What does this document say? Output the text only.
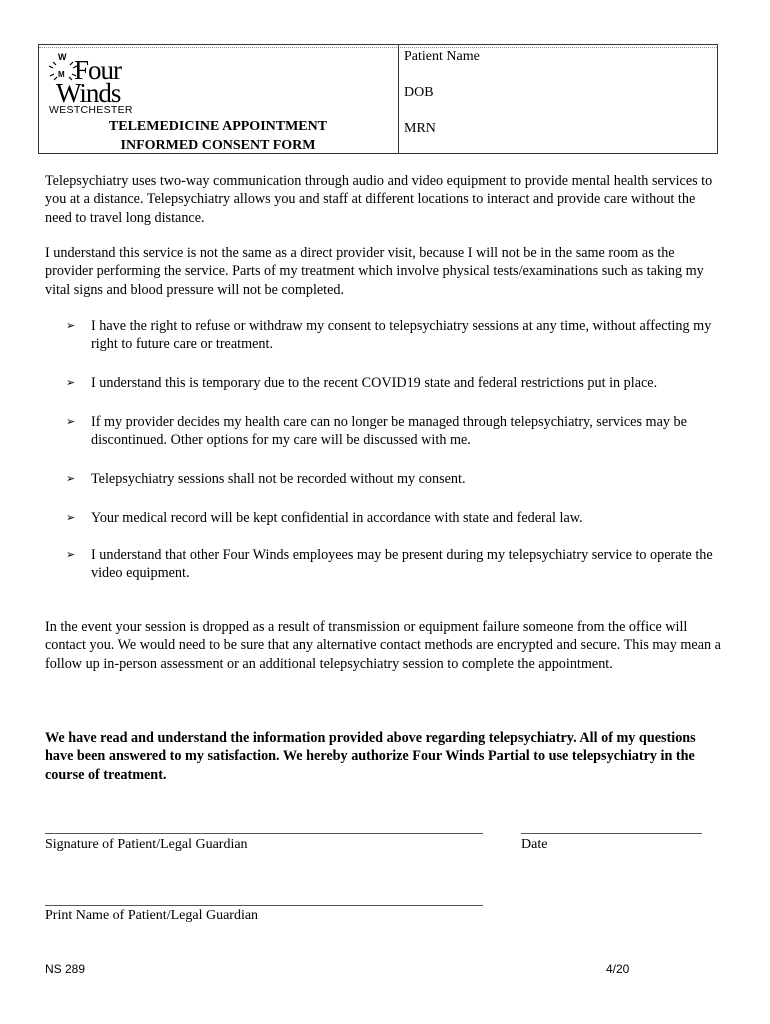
W
M Four
Winds
WESTCHESTER
TELEMEDICINE APPOINTMENT
INFORMED CONSENT FORM
Patient Name
DOB
MRN

Telepsychiatry uses two-way communication through audio and video equipment to provide mental health services to you at a distance. Telepsychiatry allows you and staff at different locations to interact and provide care without the need to travel long distance.

I understand this service is not the same as a direct provider visit, because I will not be in the same room as the provider performing the service. Parts of my treatment which involve physical tests/examinations such as taking my vital signs and blood pressure will not be completed.

➢ I have the right to refuse or withdraw my consent to telepsychiatry sessions at any time, without affecting my right to future care or treatment.
➢ I understand this is temporary due to the recent COVID19 state and federal restrictions put in place.
➢ If my provider decides my health care can no longer be managed through telepsychiatry, services may be discontinued. Other options for my care will be discussed with me.
➢ Telepsychiatry sessions shall not be recorded without my consent.
➢ Your medical record will be kept confidential in accordance with state and federal law.
➢ I understand that other Four Winds employees may be present during my telepsychiatry service to operate the video equipment.

In the event your session is dropped as a result of transmission or equipment failure someone from the office will contact you. We would need to be sure that any alternative contact methods are encrypted and secure. This may mean a follow up in-person assessment or an additional telepsychiatry session to complete the appointment.

We have read and understand the information provided above regarding telepsychiatry. All of my questions have been answered to my satisfaction. We hereby authorize Four Winds Partial to use telepsychiatry in the course of treatment.

Signature of Patient/Legal Guardian	Date
Print Name of Patient/Legal Guardian
NS 289	4/20
